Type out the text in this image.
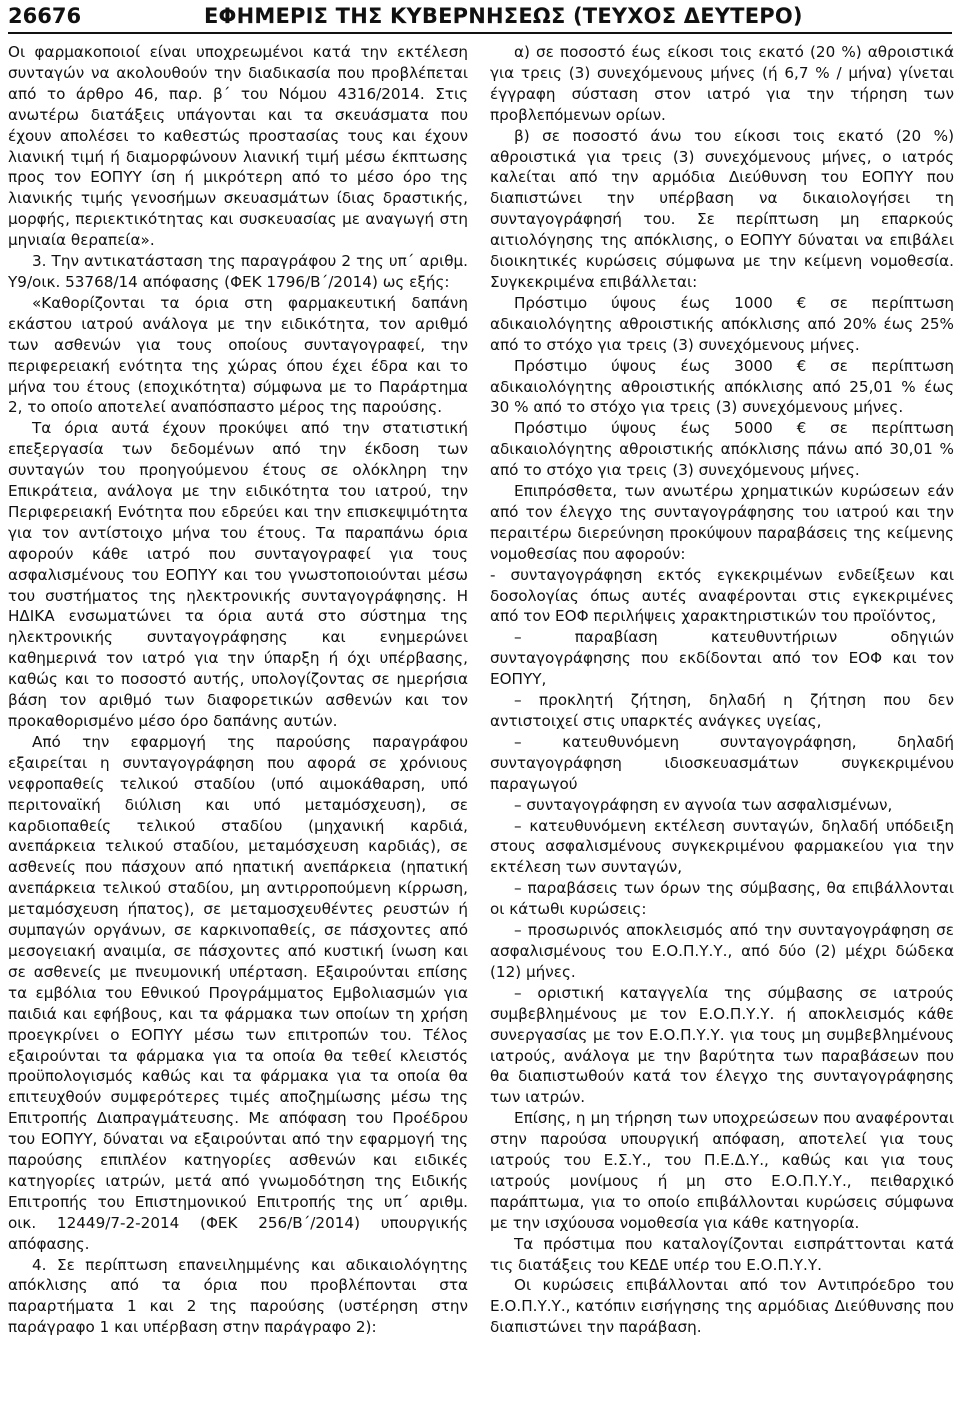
26676	ΕΦΗΜΕΡΙΣ ΤΗΣ ΚΥΒΕΡΝΗΣΕΩΣ (ΤΕΥΧΟΣ ΔΕΥΤΕΡΟ)

Οι φαρμακοποιοί είναι υποχρεωμένοι κατά την εκτέλεση συνταγών να ακολουθούν την διαδικασία που προβλέπεται από το άρθρο 46, παρ. β΄ του Νόμου 4316/2014. Στις ανωτέρω διατάξεις υπάγονται και τα σκευάσματα που έχουν απολέσει το καθεστώς προστασίας τους και έχουν λιανική τιμή ή διαμορφώνουν λιανική τιμή μέσω έκπτωσης προς τον ΕΟΠΥΥ ίση ή μικρότερη από το μέσο όρο της λιανικής τιμής γενοσήμων σκευασμάτων ίδιας δραστικής, μορφής, περιεκτικότητας και συσκευασίας με αναγωγή στη μηνιαία θεραπεία».

3. Την αντικατάσταση της παραγράφου 2 της υπ΄ αριθμ. Υ9/οικ. 53768/14 απόφασης (ΦΕΚ 1796/Β΄/2014) ως εξής:

«Καθορίζονται τα όρια στη φαρμακευτική δαπάνη εκάστου ιατρού ανάλογα με την ειδικότητα, τον αριθμό των ασθενών για τους οποίους συνταγογραφεί, την περιφερειακή ενότητα της χώρας όπου έχει έδρα και το μήνα του έτους (εποχικότητα) σύμφωνα με το Παράρτημα 2, το οποίο αποτελεί αναπόσπαστο μέρος της παρούσης.

Τα όρια αυτά έχουν προκύψει από την στατιστική επεξεργασία των δεδομένων από την έκδοση των συνταγών του προηγούμενου έτους σε ολόκληρη την Επικράτεια, ανάλογα με την ειδικότητα του ιατρού, την Περιφερειακή Ενότητα που εδρεύει και την επισκεψιμότητα για τον αντίστοιχο μήνα του έτους. Τα παραπάνω όρια αφορούν κάθε ιατρό που συνταγογραφεί για τους ασφαλισμένους του ΕΟΠΥΥ και του γνωστοποιούνται μέσω του συστήματος της ηλεκτρονικής συνταγογράφησης. Η ΗΔΙΚΑ ενσωματώνει τα όρια αυτά στο σύστημα της ηλεκτρονικής συνταγογράφησης και ενημερώνει καθημερινά τον ιατρό για την ύπαρξη ή όχι υπέρβασης, καθώς και το ποσοστό αυτής, υπολογίζοντας σε ημερήσια βάση τον αριθμό των διαφορετικών ασθενών και τον προκαθορισμένο μέσο όρο δαπάνης αυτών.

Από την εφαρμογή της παρούσης παραγράφου εξαιρείται η συνταγογράφηση που αφορά σε χρόνιους νεφροπαθείς τελικού σταδίου (υπό αιμοκάθαρση, υπό περιτοναϊκή διύλιση και υπό μεταμόσχευση), σε καρδιοπαθείς τελικού σταδίου (μηχανική καρδιά, ανεπάρκεια τελικού σταδίου, μεταμόσχευση καρδιάς), σε ασθενείς που πάσχουν από ηπατική ανεπάρκεια (ηπατική ανεπάρκεια τελικού σταδίου, μη αντιρροπούμενη κίρρωση, μεταμόσχευση ήπατος), σε μεταμοσχευθέντες ρευστών ή συμπαγών οργάνων, σε καρκινοπαθείς, σε πάσχοντες από μεσογειακή αναιμία, σε πάσχοντες από κυστική ίνωση και σε ασθενείς με πνευμονική υπέρταση. Εξαιρούνται επίσης τα εμβόλια του Εθνικού Προγράμματος Εμβολιασμών για παιδιά και εφήβους, και τα φάρμακα των οποίων τη χρήση προεγκρίνει ο ΕΟΠΥΥ μέσω των επιτροπών του. Τέλος εξαιρούνται τα φάρμακα για τα οποία θα τεθεί κλειστός προϋπολογισμός καθώς και τα φάρμακα για τα οποία θα επιτευχθούν συμφερότερες τιμές αποζημίωσης μέσω της Επιτροπής Διαπραγμάτευσης. Με απόφαση του Προέδρου του ΕΟΠΥΥ, δύναται να εξαιρούνται από την εφαρμογή της παρούσης επιπλέον κατηγορίες ασθενών και ειδικές κατηγορίες ιατρών, μετά από γνωμοδότηση της Ειδικής Επιτροπής του Επιστημονικού Επιτροπής της υπ΄ αριθμ. οικ. 12449/7-2-2014 (ΦΕΚ 256/Β΄/2014) υπουργικής απόφασης.

4. Σε περίπτωση επανειλημμένης και αδικαιολόγητης απόκλισης από τα όρια που προβλέπονται στα παραρτήματα 1 και 2 της παρούσης (υστέρηση στην παράγραφο 1 και υπέρβαση στην παράγραφο 2):

α) σε ποσοστό έως είκοσι τοις εκατό (20 %) αθροιστικά για τρεις (3) συνεχόμενους μήνες (ή 6,7 % / μήνα) γίνεται έγγραφη σύσταση στον ιατρό για την τήρηση των προβλεπόμενων ορίων.

β) σε ποσοστό άνω του είκοσι τοις εκατό (20 %) αθροιστικά για τρεις (3) συνεχόμενους μήνες, ο ιατρός καλείται από την αρμόδια Διεύθυνση του ΕΟΠΥΥ που διαπιστώνει την υπέρβαση να δικαιολογήσει τη συνταγογράφησή του. Σε περίπτωση μη επαρκούς αιτιολόγησης της απόκλισης, ο ΕΟΠΥΥ δύναται να επιβάλει διοικητικές κυρώσεις σύμφωνα με την κείμενη νομοθεσία. Συγκεκριμένα επιβάλλεται:

Πρόστιμο ύψους έως 1000 € σε περίπτωση αδικαιολόγητης αθροιστικής απόκλισης από 20% έως 25% από το στόχο για τρεις (3) συνεχόμενους μήνες.

Πρόστιμο ύψους έως 3000 € σε περίπτωση αδικαιολόγητης αθροιστικής απόκλισης από 25,01 % έως 30 % από το στόχο για τρεις (3) συνεχόμενους μήνες.

Πρόστιμο ύψους έως 5000 € σε περίπτωση αδικαιολόγητης αθροιστικής απόκλισης πάνω από 30,01 % από το στόχο για τρεις (3) συνεχόμενους μήνες.

Επιπρόσθετα, των ανωτέρω χρηματικών κυρώσεων εάν από τον έλεγχο της συνταγογράφησης του ιατρού και την περαιτέρω διερεύνηση προκύψουν παραβάσεις της κείμενης νομοθεσίας που αφορούν:

- συνταγογράφηση εκτός εγκεκριμένων ενδείξεων και δοσολογίας όπως αυτές αναφέρονται στις εγκεκριμένες από τον ΕΟΦ περιλήψεις χαρακτηριστικών του προϊόντος,

– παραβίαση κατευθυντήριων οδηγιών συνταγογράφησης που εκδίδονται από τον ΕΟΦ και τον ΕΟΠΥΥ,

– προκλητή ζήτηση, δηλαδή η ζήτηση που δεν αντιστοιχεί στις υπαρκτές ανάγκες υγείας,

– κατευθυνόμενη συνταγογράφηση, δηλαδή συνταγογράφηση ιδιοσκευασμάτων συγκεκριμένου παραγωγού

– συνταγογράφηση εν αγνοία των ασφαλισμένων,

– κατευθυνόμενη εκτέλεση συνταγών, δηλαδή υπόδειξη στους ασφαλισμένους συγκεκριμένου φαρμακείου για την εκτέλεση των συνταγών,

– παραβάσεις των όρων της σύμβασης, θα επιβάλλονται οι κάτωθι κυρώσεις:

– προσωρινός αποκλεισμός από την συνταγογράφηση σε ασφαλισμένους του Ε.Ο.Π.Υ.Υ., από δύο (2) μέχρι δώδεκα (12) μήνες.

– οριστική καταγγελία της σύμβασης σε ιατρούς συμβεβλημένους με τον Ε.Ο.Π.Υ.Υ. ή αποκλεισμός κάθε συνεργασίας με τον Ε.Ο.Π.Υ.Υ. για τους μη συμβεβλημένους ιατρούς, ανάλογα με την βαρύτητα των παραβάσεων που θα διαπιστωθούν κατά τον έλεγχο της συνταγογράφησης των ιατρών.

Επίσης, η μη τήρηση των υποχρεώσεων που αναφέρονται στην παρούσα υπουργική απόφαση, αποτελεί για τους ιατρούς του Ε.Σ.Υ., του Π.Ε.Δ.Υ., καθώς και για τους ιατρούς μονίμους ή μη στο Ε.Ο.Π.Υ.Υ., πειθαρχικό παράπτωμα, για το οποίο επιβάλλονται κυρώσεις σύμφωνα με την ισχύουσα νομοθεσία για κάθε κατηγορία.

Τα πρόστιμα που καταλογίζονται εισπράττονται κατά τις διατάξεις του ΚΕΔΕ υπέρ του Ε.Ο.Π.Υ.Υ.

Οι κυρώσεις επιβάλλονται από τον Αντιπρόεδρο του Ε.Ο.Π.Υ.Υ., κατόπιν εισήγησης της αρμόδιας Διεύθυνσης που διαπιστώνει την παράβαση.
